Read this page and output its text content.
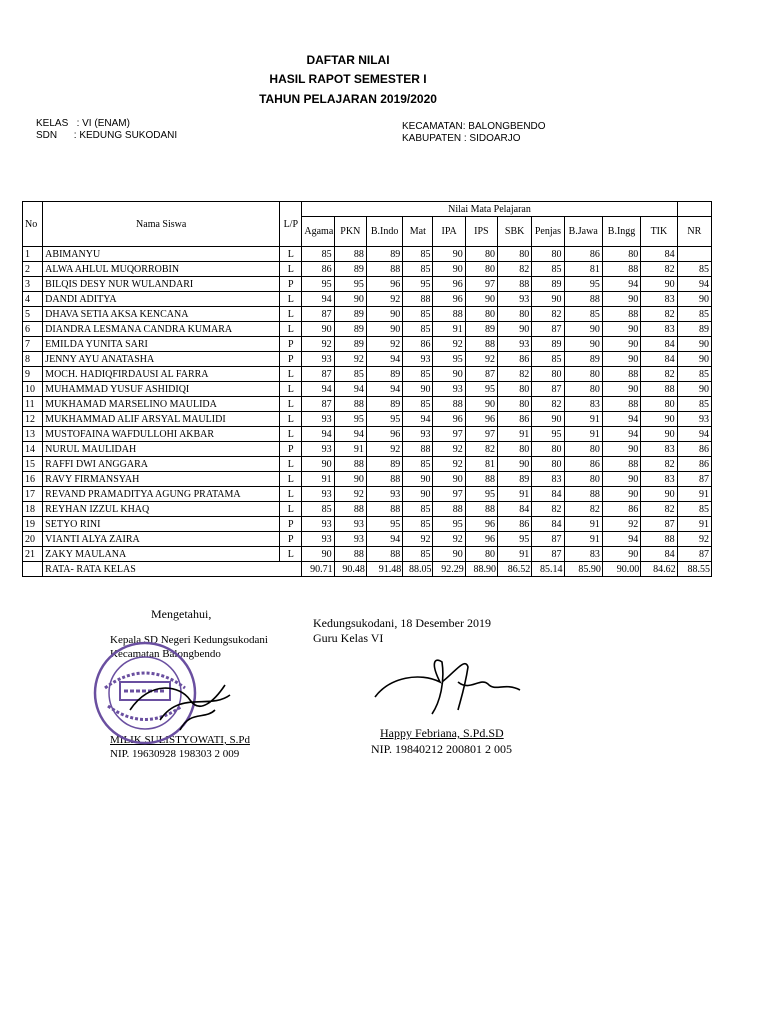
DAFTAR NILAI
HASIL RAPOT SEMESTER I
TAHUN PELAJARAN 2019/2020
KELAS   : VI (ENAM)
SDN      : KEDUNG SUKODANI
KECAMATAN: BALONGBENDO
KABUPATEN : SIDOARJO
No	Nama Siswa	L/P	Nilai Mata Pelajaran											
			Agama	PKN	B.Indo	Mat	IPA	IPS	SBK	Penjas	B.Jawa	B.Ingg	TIK	NR
1	ABIMANYU	L	85	88	89	85	90	80	80	80	86	80	84	
2	ALWA AHLUL MUQORROBIN	L	86	89	88	85	90	80	82	85	81	88	82	85
3	BILQIS DESY NUR WULANDARI	P	95	95	96	95	96	97	88	89	95	94	90	94
4	DANDI ADITYA	L	94	90	92	88	96	90	93	90	88	90	83	90
5	DHAVA SETIA AKSA KENCANA	L	87	89	90	85	88	80	80	82	85	88	82	85
6	DIANDRA LESMANA CANDRA KUMARA	L	90	89	90	85	91	89	90	87	90	90	83	89
7	EMILDA YUNITA SARI	P	92	89	92	86	92	88	93	89	90	90	84	90
8	JENNY AYU ANATASHA	P	93	92	94	93	95	92	86	85	89	90	84	90
9	MOCH. HADIQFIRDAUSI AL FARRA	L	87	85	89	85	90	87	82	80	80	88	82	85
10	MUHAMMAD YUSUF ASHIDIQI	L	94	94	94	90	93	95	80	87	80	90	88	90
11	MUKHAMAD MARSELINO MAULIDA	L	87	88	89	85	88	90	80	82	83	88	80	85
12	MUKHAMMAD ALIF ARSYAL MAULIDI	L	93	95	95	94	96	96	86	90	91	94	90	93
13	MUSTOFAINA WAFDULLOHI AKBAR	L	94	94	96	93	97	97	91	95	91	94	90	94
14	NURUL MAULIDAH	P	93	91	92	88	92	82	80	80	80	90	83	86
15	RAFFI DWI ANGGARA	L	90	88	89	85	92	81	90	80	86	88	82	86
16	RAVY FIRMANSYAH	L	91	90	88	90	90	88	89	83	80	90	83	87
17	REVAND PRAMADITYA AGUNG PRATAMA	L	93	92	93	90	97	95	91	84	88	90	90	91
18	REYHAN IZZUL KHAQ	L	85	88	88	85	88	88	84	82	82	86	82	85
19	SETYO RINI	P	93	93	95	85	95	96	86	84	91	92	87	91
20	VIANTI ALYA ZAIRA	P	93	93	94	92	92	96	95	87	91	94	88	92
21	ZAKY MAULANA	L	90	88	88	85	90	80	91	87	83	90	84	87
	RATA- RATA KELAS		90.71	90.48	91.48	88.05	92.29	88.90	86.52	85.14	85.90	90.00	84.62	88.55
Mengetahui,
Kepala SD Negeri Kedungsukodani
Kecamatan Balongbendo
MILIK SULISTYOWATI, S.Pd
NIP. 19630928 198303 2 009
Kedungsukodani, 18 Desember 2019
Guru Kelas VI
Happy Febriana, S.Pd.SD
NIP. 19840212 200801 2 005
